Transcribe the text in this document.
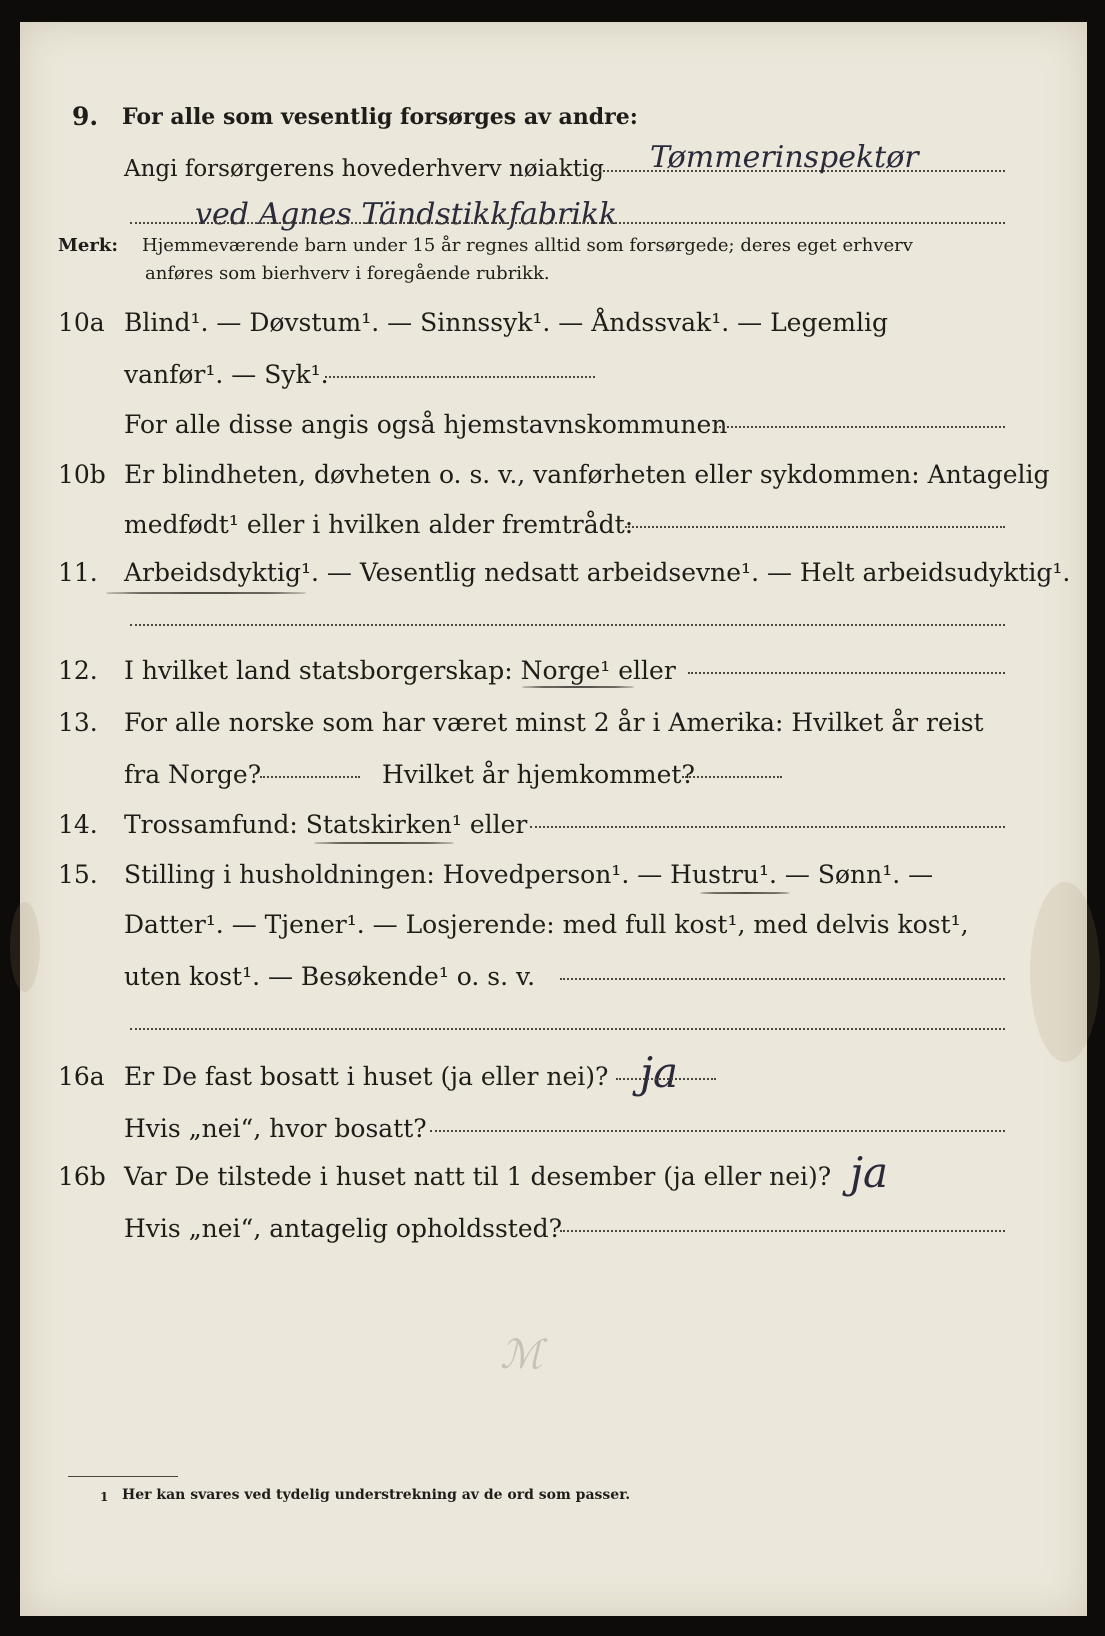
9. For alle som vesentlig forsørges av andre:
Angi forsørgerens hovederhverv nøiaktig Tømmerinspektør
ved Agnes Tändstikkfabrikk
Merk: Hjemmeværende barn under 15 år regnes alltid som forsørgede; deres eget erhverv
anføres som bierhverv i foregående rubrikk.
10a Blind¹. — Døvstum¹. — Sinnssyk¹. — Åndssvak¹. — Legemlig
vanfør¹. — Syk¹.
For alle disse angis også hjemstavnskommunen
10b Er blindheten, døvheten o. s. v., vanførheten eller sykdommen: Antagelig
medfødt¹ eller i hvilken alder fremtrådt:
11. Arbeidsdyktig¹. — Vesentlig nedsatt arbeidsevne¹. — Helt arbeidsudyktig¹.
12. I hvilket land statsborgerskap: Norge¹ eller
13. For alle norske som har været minst 2 år i Amerika: Hvilket år reist
fra Norge?	Hvilket år hjemkommet?
14. Trossamfund: Statskirken¹ eller
15. Stilling i husholdningen: Hovedperson¹. — Hustru¹. — Sønn¹. —
Datter¹. — Tjener¹. — Losjerende: med full kost¹, med delvis kost¹,
uten kost¹. — Besøkende¹ o. s. v.
16a Er De fast bosatt i huset (ja eller nei)? ja
Hvis „nei“, hvor bosatt?
16b Var De tilstede i huset natt til 1 desember (ja eller nei)? ja
Hvis „nei“, antagelig opholdssted?
ℳ
1 Her kan svares ved tydelig understrekning av de ord som passer.
